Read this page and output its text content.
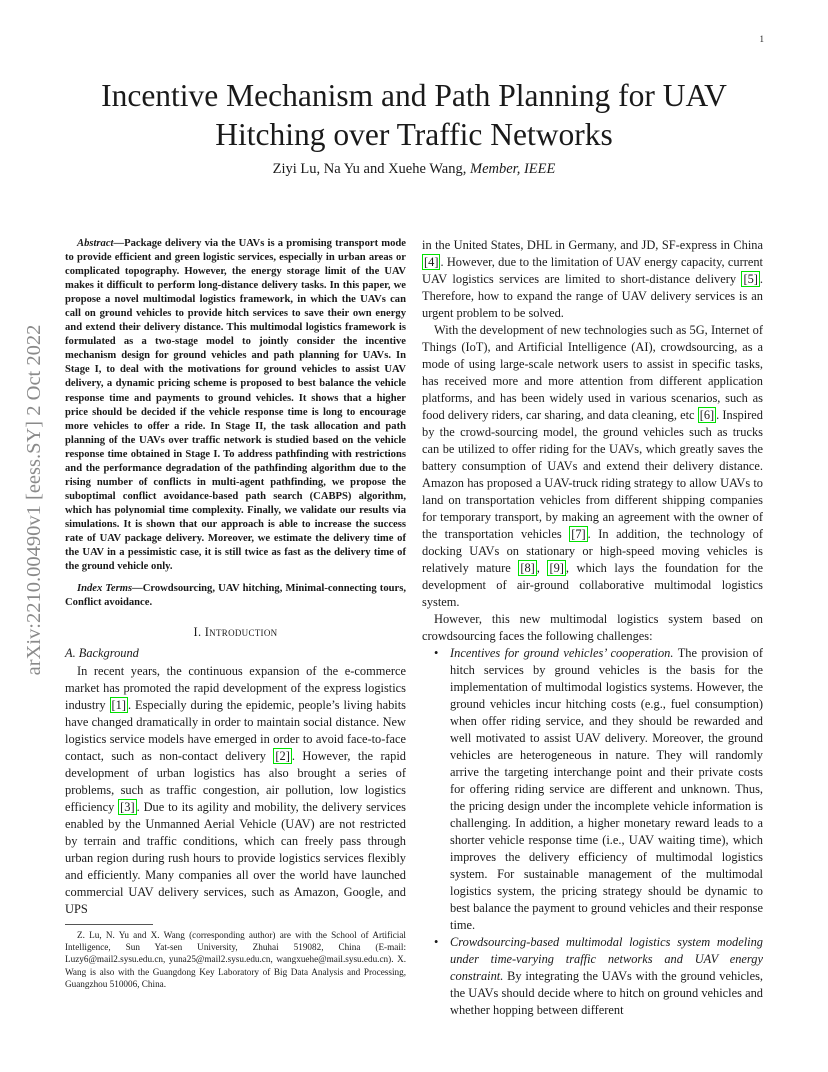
1
arXiv:2210.00490v1 [eess.SY] 2 Oct 2022
Incentive Mechanism and Path Planning for UAV
Hitching over Traffic Networks

Ziyi Lu, Na Yu and Xuehe Wang, Member, IEEE

Abstract—Package delivery via the UAVs is a promising transport mode to provide efficient and green logistic services, especially in urban areas or complicated topography. However, the energy storage limit of the UAV makes it difficult to perform long-distance delivery tasks. In this paper, we propose a novel multimodal logistics framework, in which the UAVs can call on ground vehicles to provide hitch services to save their own energy and extend their delivery distance. This multimodal logistics framework is formulated as a two-stage model to jointly consider the incentive mechanism design for ground vehicles and path planning for UAVs. In Stage I, to deal with the motivations for ground vehicles to assist UAV delivery, a dynamic pricing scheme is proposed to best balance the vehicle response time and payments to ground vehicles. It shows that a higher price should be decided if the vehicle response time is long to encourage more vehicles to offer a ride. In Stage II, the task allocation and path planning of the UAVs over traffic network is studied based on the vehicle response time obtained in Stage I. To address pathfinding with restrictions and the performance degradation of the pathfinding algorithm due to the rising number of conflicts in multi-agent pathfinding, we propose the suboptimal conflict avoidance-based path search (CABPS) algorithm, which has polynomial time complexity. Finally, we validate our results via simulations. It is shown that our approach is able to increase the success rate of UAV package delivery. Moreover, we estimate the delivery time of the UAV in a pessimistic case, it is still twice as fast as the delivery time of the ground vehicle only.

Index Terms—Crowdsourcing, UAV hitching, Minimal-connecting tours, Conflict avoidance.

I. Introduction

A. Background

In recent years, the continuous expansion of the e-commerce market has promoted the rapid development of the express logistics industry [1] . Especially during the epidemic, people’s living habits have changed dramatically in order to maintain social distance. New logistics service models have emerged in order to avoid face-to-face contact, such as non-contact delivery [2] . However, the rapid development of urban logistics has also brought a series of problems, such as traffic congestion, air pollution, low logistics efficiency [3] . Due to its agility and mobility, the delivery services enabled by the Unmanned Aerial Vehicle (UAV) are not restricted by terrain and traffic conditions, which can freely pass through urban region during rush hours to provide logistics services flexibly and efficiently. Many companies all over the world have launched commercial UAV delivery services, such as Amazon, Google, and UPS

Z. Lu, N. Yu and X. Wang (corresponding author) are with the School of Artificial Intelligence, Sun Yat-sen University, Zhuhai 519082, China (E-mail: Luzy6@mail2.sysu.edu.cn, yuna25@mail2.sysu.edu.cn, wangxuehe@mail.sysu.edu.cn). X. Wang is also with the Guangdong Key Laboratory of Big Data Analysis and Processing, Guangzhou 510006, China.

in the United States, DHL in Germany, and JD, SF-express in China [4] . However, due to the limitation of UAV energy capacity, current UAV logistics services are limited to short-distance delivery [5] . Therefore, how to expand the range of UAV delivery services is an urgent problem to be solved.

With the development of new technologies such as 5G, Internet of Things (IoT), and Artificial Intelligence (AI), crowdsourcing, as a mode of using large-scale network users to assist in specific tasks, has received more and more attention from different application platforms, and has been widely used in various scenarios, such as food delivery riders, car sharing, and data cleaning, etc [6] . Inspired by the crowd-sourcing model, the ground vehicles such as trucks can be utilized to offer riding for the UAVs, which greatly saves the battery consumption of UAVs and extend their delivery distance. Amazon has proposed a UAV-truck riding strategy to allow UAVs to land on transportation vehicles from different shipping companies for temporary transport, by making an agreement with the owner of the transportation vehicles [7] . In addition, the technology of docking UAVs on stationary or high-speed moving vehicles is relatively mature [8] , [9] , which lays the foundation for the development of air-ground collaborative multimodal logistics system.

However, this new multimodal logistics system based on crowdsourcing faces the following challenges:

• Incentives for ground vehicles’ cooperation. The provision of hitch services by ground vehicles is the basis for the implementation of multimodal logistics systems. However, the ground vehicles incur hitching costs (e.g., fuel consumption) when offer riding service, and they should be rewarded and well motivated to assist UAV delivery. Moreover, the ground vehicles are heterogeneous in nature. They will randomly arrive the targeting interchange point and their private costs for offering riding service are different and unknown. Thus, the pricing design under the incomplete vehicle information is challenging. In addition, a higher monetary reward leads to a shorter vehicle response time (i.e., UAV waiting time), which improves the delivery efficiency of multimodal logistics system. For sustainable management of the multimodal logistics system, the pricing strategy should be dynamic to best balance the payment to ground vehicles and their response time.
• Crowdsourcing-based multimodal logistics system modeling under time-varying traffic networks and UAV energy constraint. By integrating the UAVs with the ground vehicles, the UAVs should decide where to hitch on ground vehicles and whether hopping between different
